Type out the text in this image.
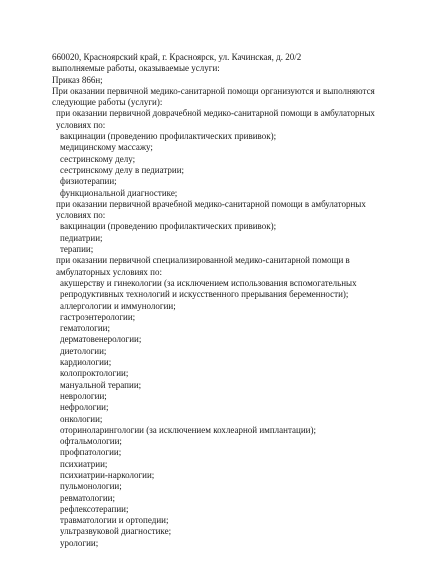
660020, Красноярский край, г. Красноярск, ул. Качинская, д. 20/2
выполняемые работы, оказываемые услуги:
Приказ 866н;
При оказании первичной медико-санитарной помощи организуются и выполняются следующие работы (услуги):
при оказании первичной доврачебной медико-санитарной помощи в амбулаторных условиях по:
вакцинации (проведению профилактических прививок);
медицинскому массажу;
сестринскому делу;
сестринскому делу в педиатрии;
физиотерапии;
функциональной диагностике;
при оказании первичной врачебной медико-санитарной помощи в амбулаторных условиях по:
вакцинации (проведению профилактических прививок);
педиатрии;
терапии;
при оказании первичной специализированной медико-санитарной помощи в амбулаторных условиях по:
акушерству и гинекологии (за исключением использования вспомогательных репродуктивных технологий и искусственного прерывания беременности);
аллергологии и иммунологии;
гастроэнтерологии;
гематологии;
дерматовенерологии;
диетологии;
кардиологии;
колопроктологии;
мануальной терапии;
неврологии;
нефрологии;
онкологии;
оториноларингологии (за исключением кохлеарной имплантации);
офтальмологии;
профпатологии;
психиатрии;
психиатрии-наркологии;
пульмонологии;
ревматологии;
рефлексотерапии;
травматологии и ортопедии;
ультразвуковой диагностике;
урологии;
